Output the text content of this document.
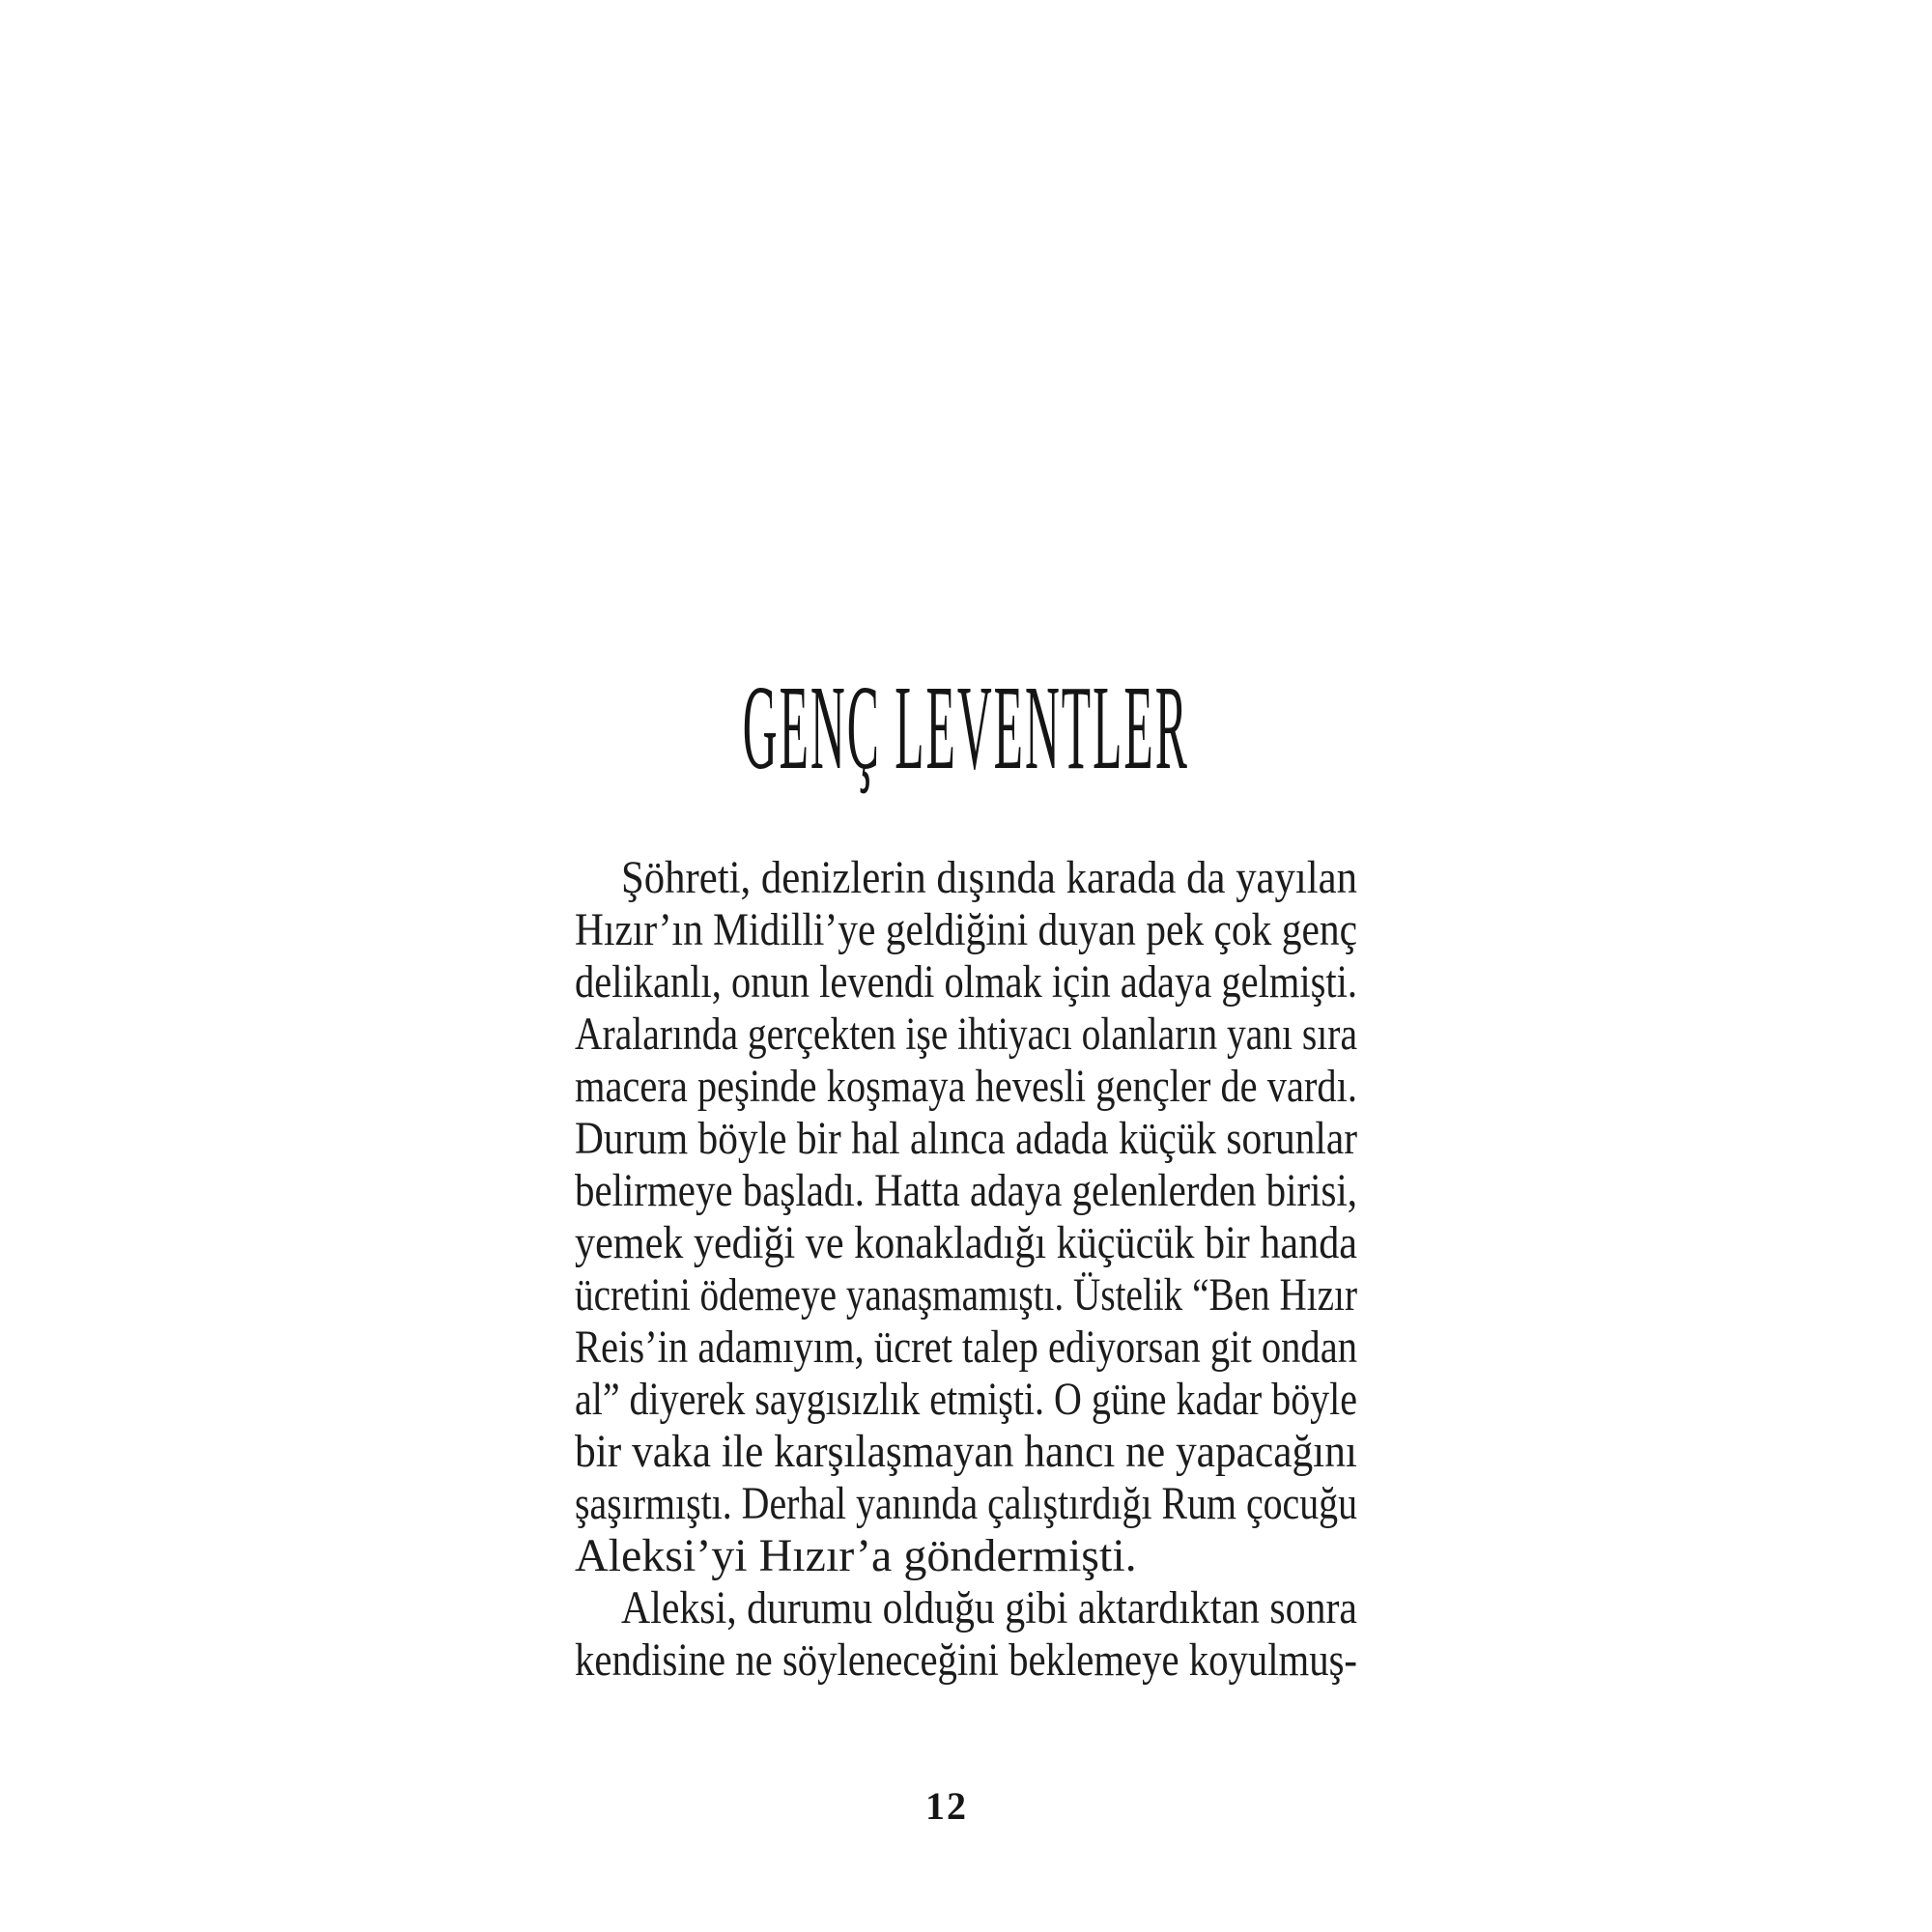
GENÇ LEVENTLER
Şöhreti, denizlerin dışında karada da yayılan
Hızır’ın Midilli’ye geldiğini duyan pek çok genç
delikanlı, onun levendi olmak için adaya gelmişti.
Aralarında gerçekten işe ihtiyacı olanların yanı sıra
macera peşinde koşmaya hevesli gençler de vardı.
Durum böyle bir hal alınca adada küçük sorunlar
belirmeye başladı. Hatta adaya gelenlerden birisi,
yemek yediği ve konakladığı küçücük bir handa
ücretini ödemeye yanaşmamıştı. Üstelik “Ben Hızır
Reis’in adamıyım, ücret talep ediyorsan git ondan
al” diyerek saygısızlık etmişti. O güne kadar böyle
bir vaka ile karşılaşmayan hancı ne yapacağını
şaşırmıştı. Derhal yanında çalıştırdığı Rum çocuğu
Aleksi’yi Hızır’a göndermişti.
Aleksi, durumu olduğu gibi aktardıktan sonra
kendisine ne söyleneceğini beklemeye koyulmuş-
12
